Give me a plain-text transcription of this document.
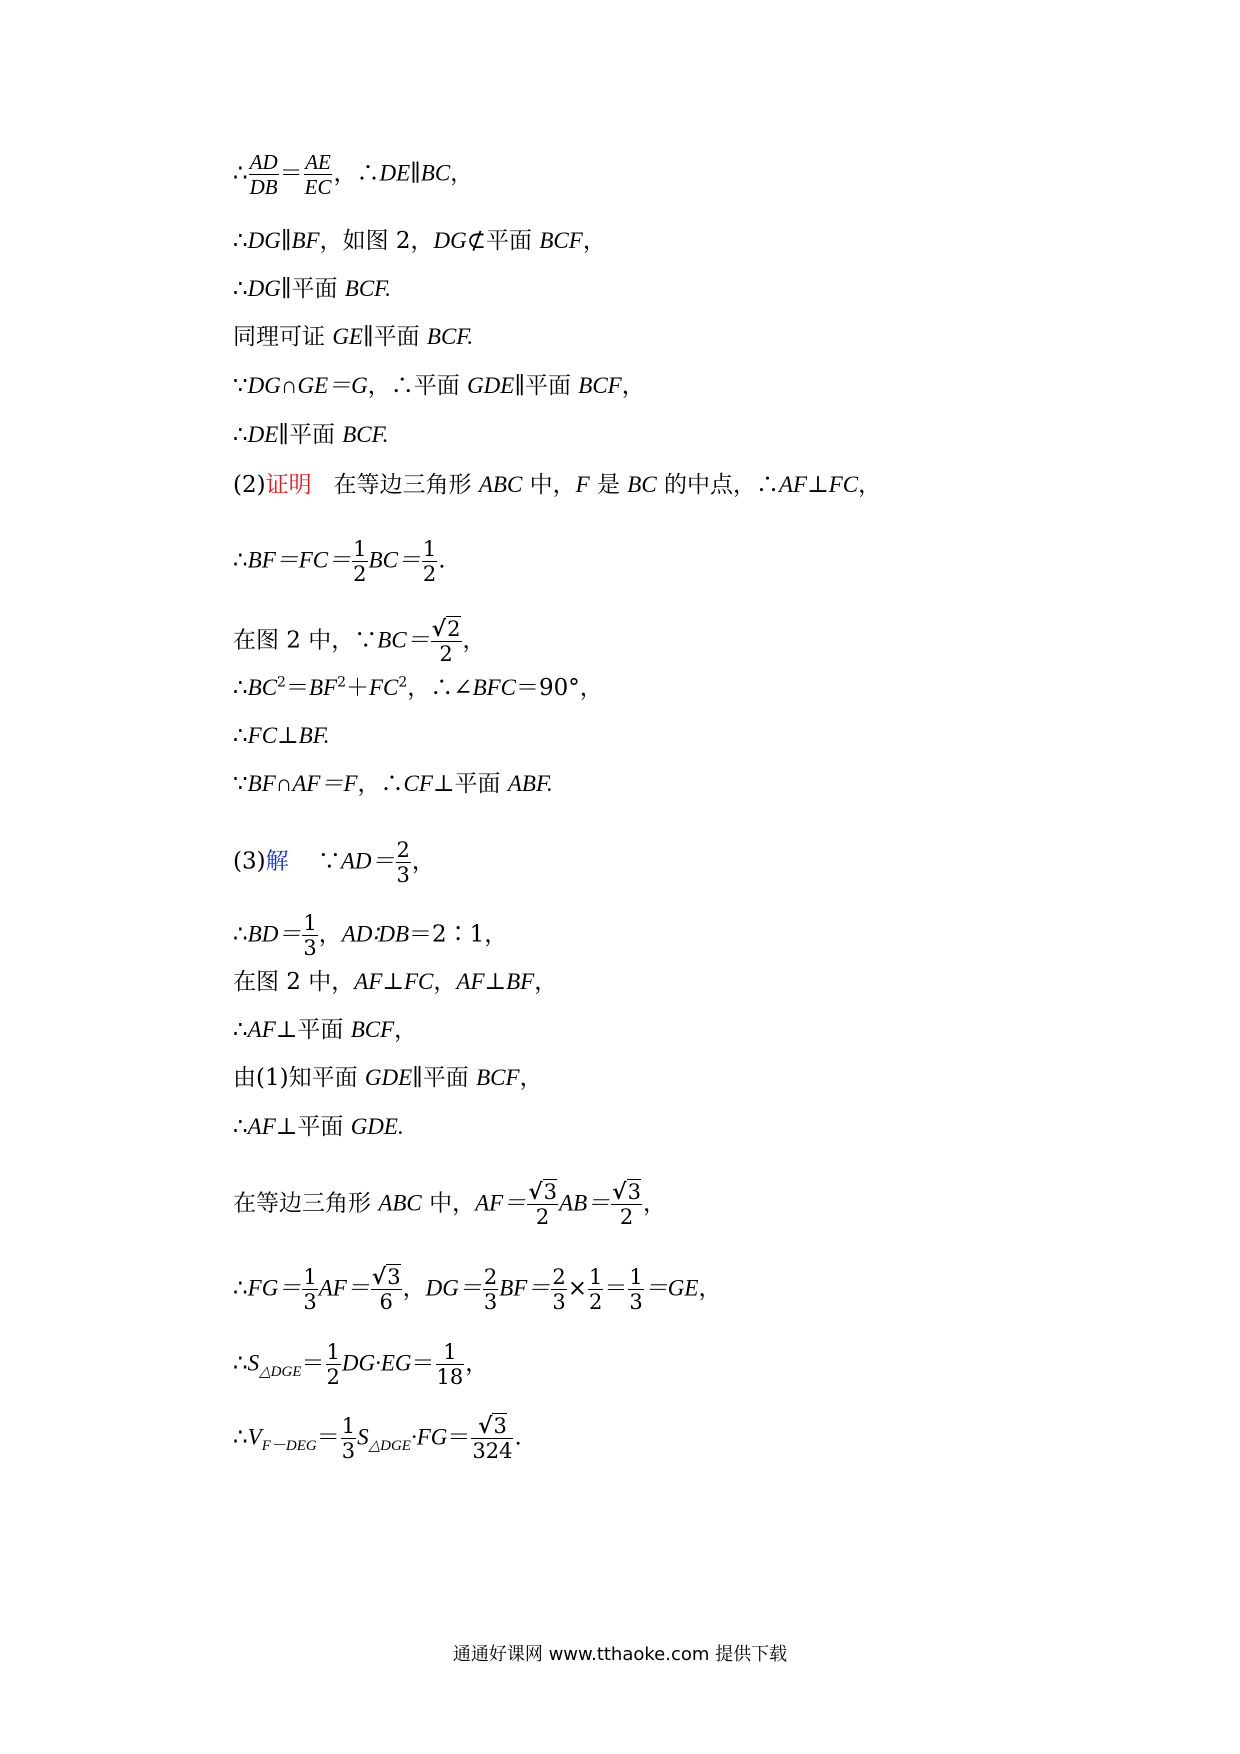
∴ $\frac{AD}{DB} = \frac{AE}{EC}$ ，∴DE∥BC，
∴DG∥BF，如图 2，DG⊄平面 BCF，
∴DG∥平面 BCF.
同理可证 GE∥平面 BCF.
∵DG∩GE＝G，∴平面 GDE∥平面 BCF，
∴DE∥平面 BCF.
(2)证明 在等边三角形 ABC 中，F 是 BC 的中点，∴AF⊥FC，
∴BF＝FC＝ $\frac{1}{2} BC= \frac{1}{2}$ .
在图 2 中，∵BC＝ $\frac{√2}{2}$ ，
$\therefore BC^2=BF^2+FC^2$，∴∠BFC＝90°，
∴FC⊥BF.
∵BF∩AF＝F，∴CF⊥平面 ABF.
(3)解 ∵AD＝ $\frac{2}{3}$ ，
∴BD＝ $\frac{1}{3}$ ，AD∶DB＝2∶1，
在图 2 中，AF⊥FC，AF⊥BF，
∴AF⊥平面 BCF，
由(1)知平面 GDE∥平面 BCF，
∴AF⊥平面 GDE.
在等边三角形 ABC 中，$AF= \frac{√3}{2} AB= \frac{√3}{2}$ ，
∴FG＝ $\frac{1}{3} AF= \frac{√3}{6}$ ，$DG= \frac{2}{3} BF= \frac{2}{3} \times \frac{1}{2} = \frac{1}{3} =GE$，
$\therefore S_{\triangle DGE}= \frac{1}{2} DG\cdot EG= \frac{1}{18}$ ，
$\therefore V_{F-DEG}= \frac{1}{3} S_{\triangle DGE}\cdot FG= \frac{√3}{324}$ .
通通好课网 www.tthaoke.com 提供下载
